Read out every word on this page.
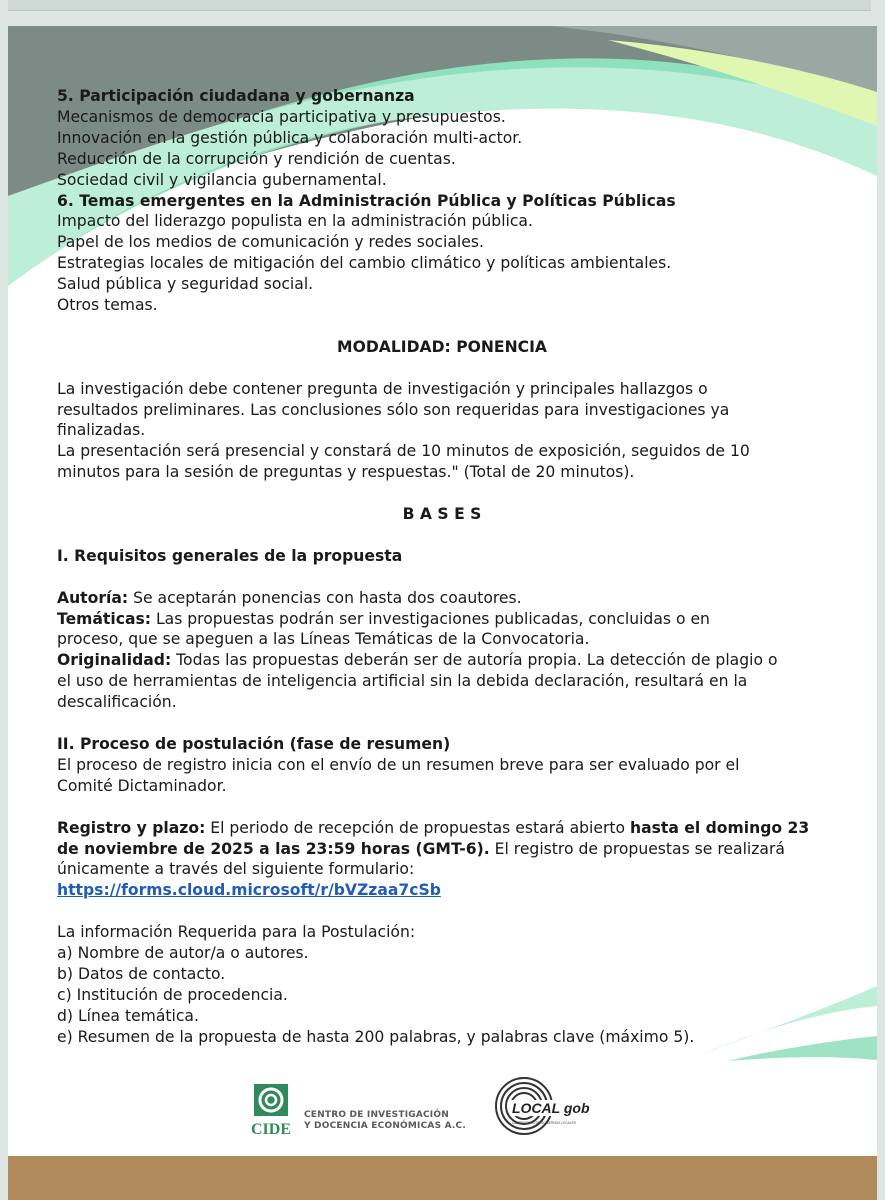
5. Participación ciudadana y gobernanza

Mecanismos de democracia participativa y presupuestos.

Innovación en la gestión pública y colaboración multi-actor.

Reducción de la corrupción y rendición de cuentas.

Sociedad civil y vigilancia gubernamental.

6. Temas emergentes en la Administración Pública y Políticas Públicas

Impacto del liderazgo populista en la administración pública.

Papel de los medios de comunicación y redes sociales.

Estrategias locales de mitigación del cambio climático y políticas ambientales.

Salud pública y seguridad social.

Otros temas.

MODALIDAD: PONENCIA

La investigación debe contener pregunta de investigación y principales hallazgos o

resultados preliminares. Las conclusiones sólo son requeridas para investigaciones ya

finalizadas.

La presentación será presencial y constará de 10 minutos de exposición, seguidos de 10

minutos para la sesión de preguntas y respuestas." (Total de 20 minutos).

B A S E S

I. Requisitos generales de la propuesta

Autoría: Se aceptarán ponencias con hasta dos coautores.

Temáticas: Las propuestas podrán ser investigaciones publicadas, concluidas o en

proceso, que se apeguen a las Líneas Temáticas de la Convocatoria.

Originalidad: Todas las propuestas deberán ser de autoría propia. La detección de plagio o

el uso de herramientas de inteligencia artificial sin la debida declaración, resultará en la

descalificación.

II. Proceso de postulación (fase de resumen)

El proceso de registro inicia con el envío de un resumen breve para ser evaluado por el

Comité Dictaminador.

Registro y plazo: El periodo de recepción de propuestas estará abierto hasta el domingo 23

de noviembre de 2025 a las 23:59 horas (GMT-6). El registro de propuestas se realizará

únicamente a través del siguiente formulario:

https://forms.cloud.microsoft/r/bVZzaa7cSb

La información Requerida para la Postulación:

a) Nombre de autor/a o autores.

b) Datos de contacto.

c) Institución de procedencia.

d) Línea temática.

e) Resumen de la propuesta de hasta 200 palabras, y palabras clave (máximo 5).

CIDE
CENTRO DE INVESTIGACIÓN
Y DOCENCIA ECONÓMICAS A.C.
LOCAL gob
LABORATORIO DE GOBIERNOS LOCALES
